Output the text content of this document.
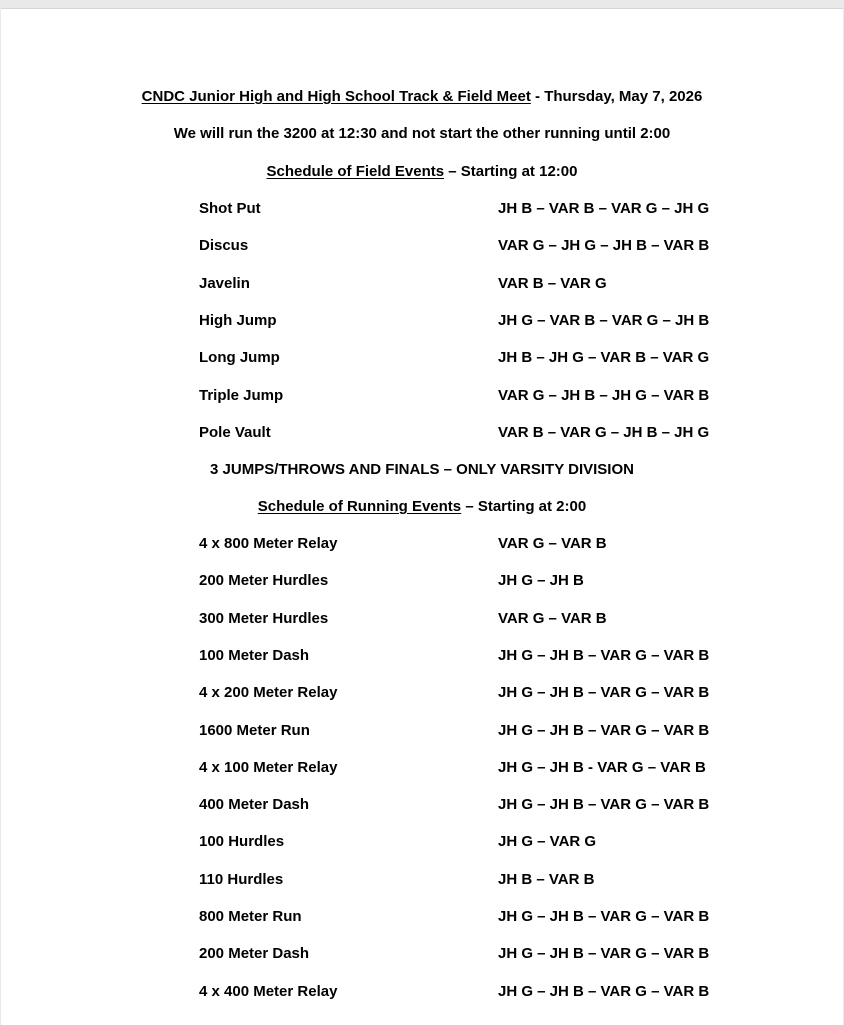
CNDC Junior High and High School Track & Field Meet - Thursday, May 7, 2026
We will run the 3200 at 12:30 and not start the other running until 2:00
Schedule of Field Events – Starting at 12:00
Shot Put	JH B – VAR B – VAR G – JH G
Discus	VAR G – JH G – JH B – VAR B
Javelin	VAR B – VAR G
High Jump	JH G – VAR B – VAR G – JH B
Long Jump	JH B – JH G – VAR B – VAR G
Triple Jump	VAR G – JH B – JH G – VAR B
Pole Vault	VAR B – VAR G – JH B – JH G
3 JUMPS/THROWS AND FINALS – ONLY VARSITY DIVISION
Schedule of Running Events – Starting at 2:00
4 x 800 Meter Relay	VAR G – VAR B
200 Meter Hurdles	JH G – JH B
300 Meter Hurdles	VAR G – VAR B
100 Meter Dash	JH G – JH B – VAR G – VAR B
4 x 200 Meter Relay	JH G – JH B – VAR G – VAR B
1600 Meter Run	JH G – JH B – VAR G – VAR B
4 x 100 Meter Relay	JH G – JH B - VAR G – VAR B
400 Meter Dash	JH G – JH B – VAR G – VAR B
100 Hurdles	JH G – VAR G
110 Hurdles	JH B – VAR B
800 Meter Run	JH G – JH B – VAR G – VAR B
200 Meter Dash	JH G – JH B – VAR G – VAR B
4 x 400 Meter Relay	JH G – JH B – VAR G – VAR B
